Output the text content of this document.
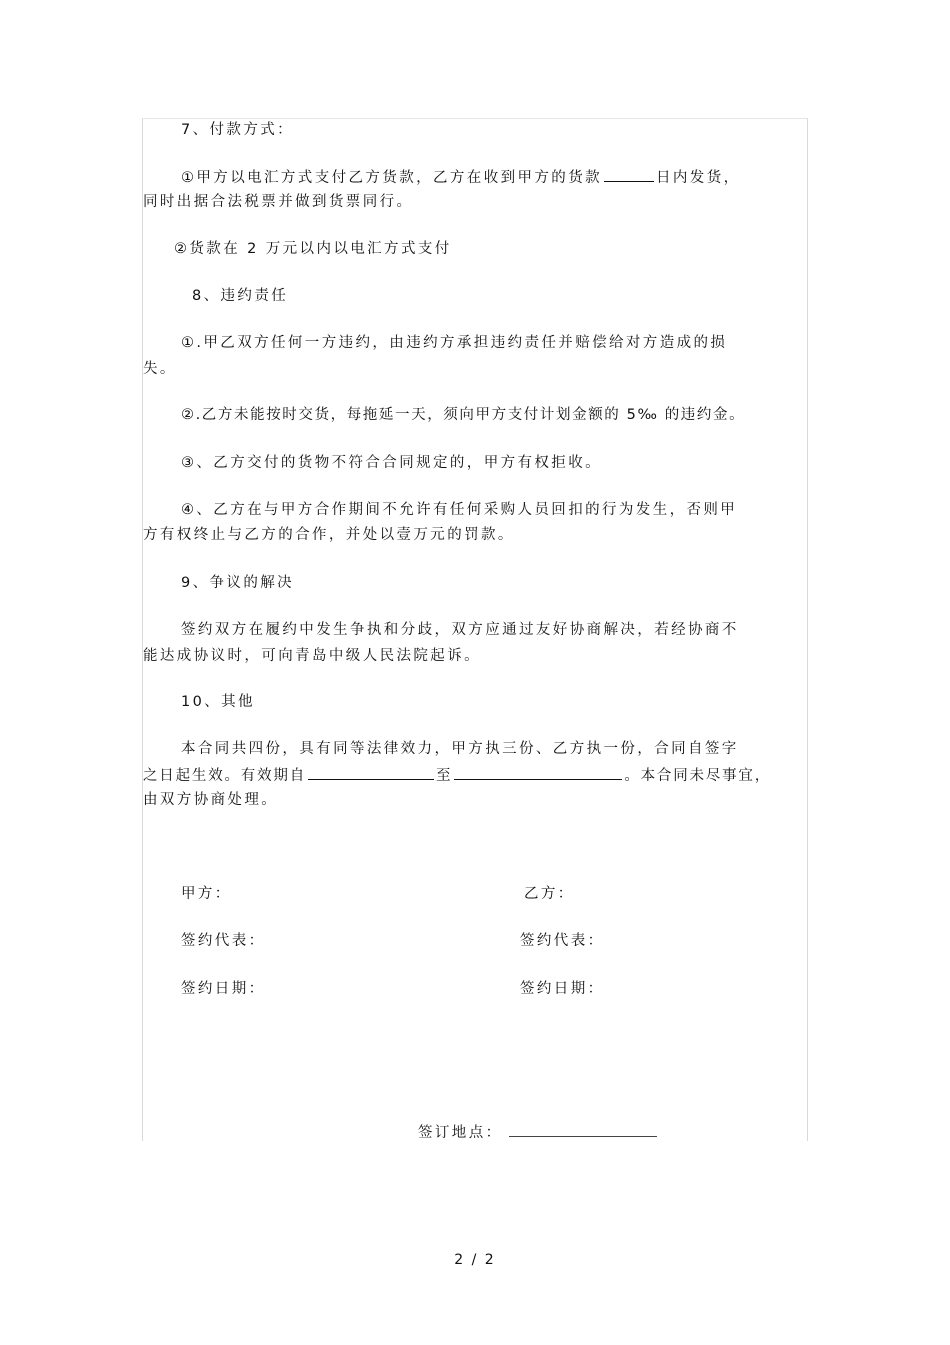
7、付款方式：
①甲方以电汇方式支付乙方货款，乙方在收到甲方的货款	日内发货，
同时出据合法税票并做到货票同行。
②货款在 2 万元以内以电汇方式支付
8、违约责任
①.甲乙双方任何一方违约，由违约方承担违约责任并赔偿给对方造成的损
失。
②.乙方未能按时交货，每拖延一天，须向甲方支付计划金额的 5‰ 的违约金。
③、乙方交付的货物不符合合同规定的，甲方有权拒收。
④、乙方在与甲方合作期间不允许有任何采购人员回扣的行为发生，否则甲
方有权终止与乙方的合作，并处以壹万元的罚款。
9、争议的解决
签约双方在履约中发生争执和分歧，双方应通过友好协商解决，若经协商不
能达成协议时，可向青岛中级人民法院起诉。
10、其他
本合同共四份，具有同等法律效力，甲方执三份、乙方执一份，合同自签字
之日起生效。有效期自	至	。本合同未尽事宜，
由双方协商处理。
甲方：	乙方：
签约代表：	签约代表：
签约日期：	签约日期：
签订地点：
2 / 2
